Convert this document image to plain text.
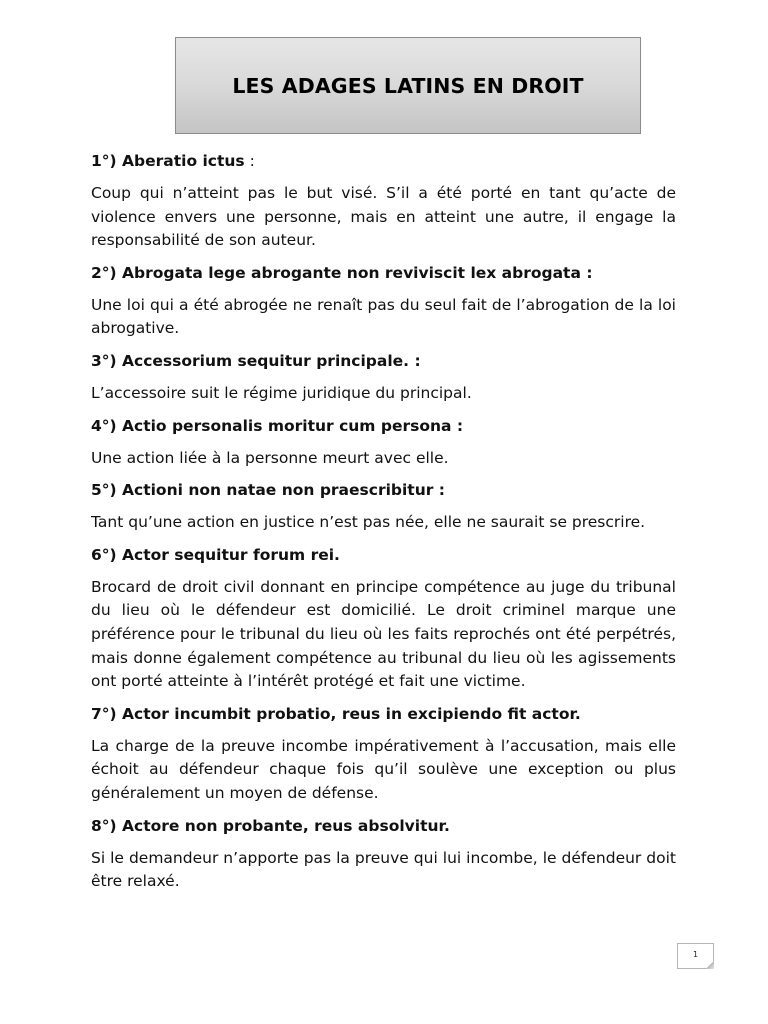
LES ADAGES LATINS EN DROIT
1°) Aberatio ictus :

Coup qui n’atteint pas le but visé. S’il a été porté en tant qu’acte de violence envers une personne, mais en atteint une autre, il engage la responsabilité de son auteur.

2°) Abrogata lege abrogante non reviviscit lex abrogata :

Une loi qui a été abrogée ne renaît pas du seul fait de l’abrogation de la loi abrogative.

3°) Accessorium sequitur principale. :

L’accessoire suit le régime juridique du principal.

4°) Actio personalis moritur cum persona :

Une action liée à la personne meurt avec elle.

5°) Actioni non natae non praescribitur :

Tant qu’une action en justice n’est pas née, elle ne saurait se prescrire.

6°) Actor sequitur forum rei.

Brocard de droit civil donnant en principe compétence au juge du tribunal du lieu où le défendeur est domicilié. Le droit criminel marque une préférence pour le tribunal du lieu où les faits reprochés ont été perpétrés, mais donne également compétence au tribunal du lieu où les agissements ont porté atteinte à l’intérêt protégé et fait une victime.

7°) Actor incumbit probatio, reus in excipiendo fit actor.

La charge de la preuve incombe impérativement à l’accusation, mais elle échoit au défendeur chaque fois qu’il soulève une exception ou plus généralement un moyen de défense.

8°) Actore non probante, reus absolvitur.

Si le demandeur n’apporte pas la preuve qui lui incombe, le défendeur doit être relaxé.

1
